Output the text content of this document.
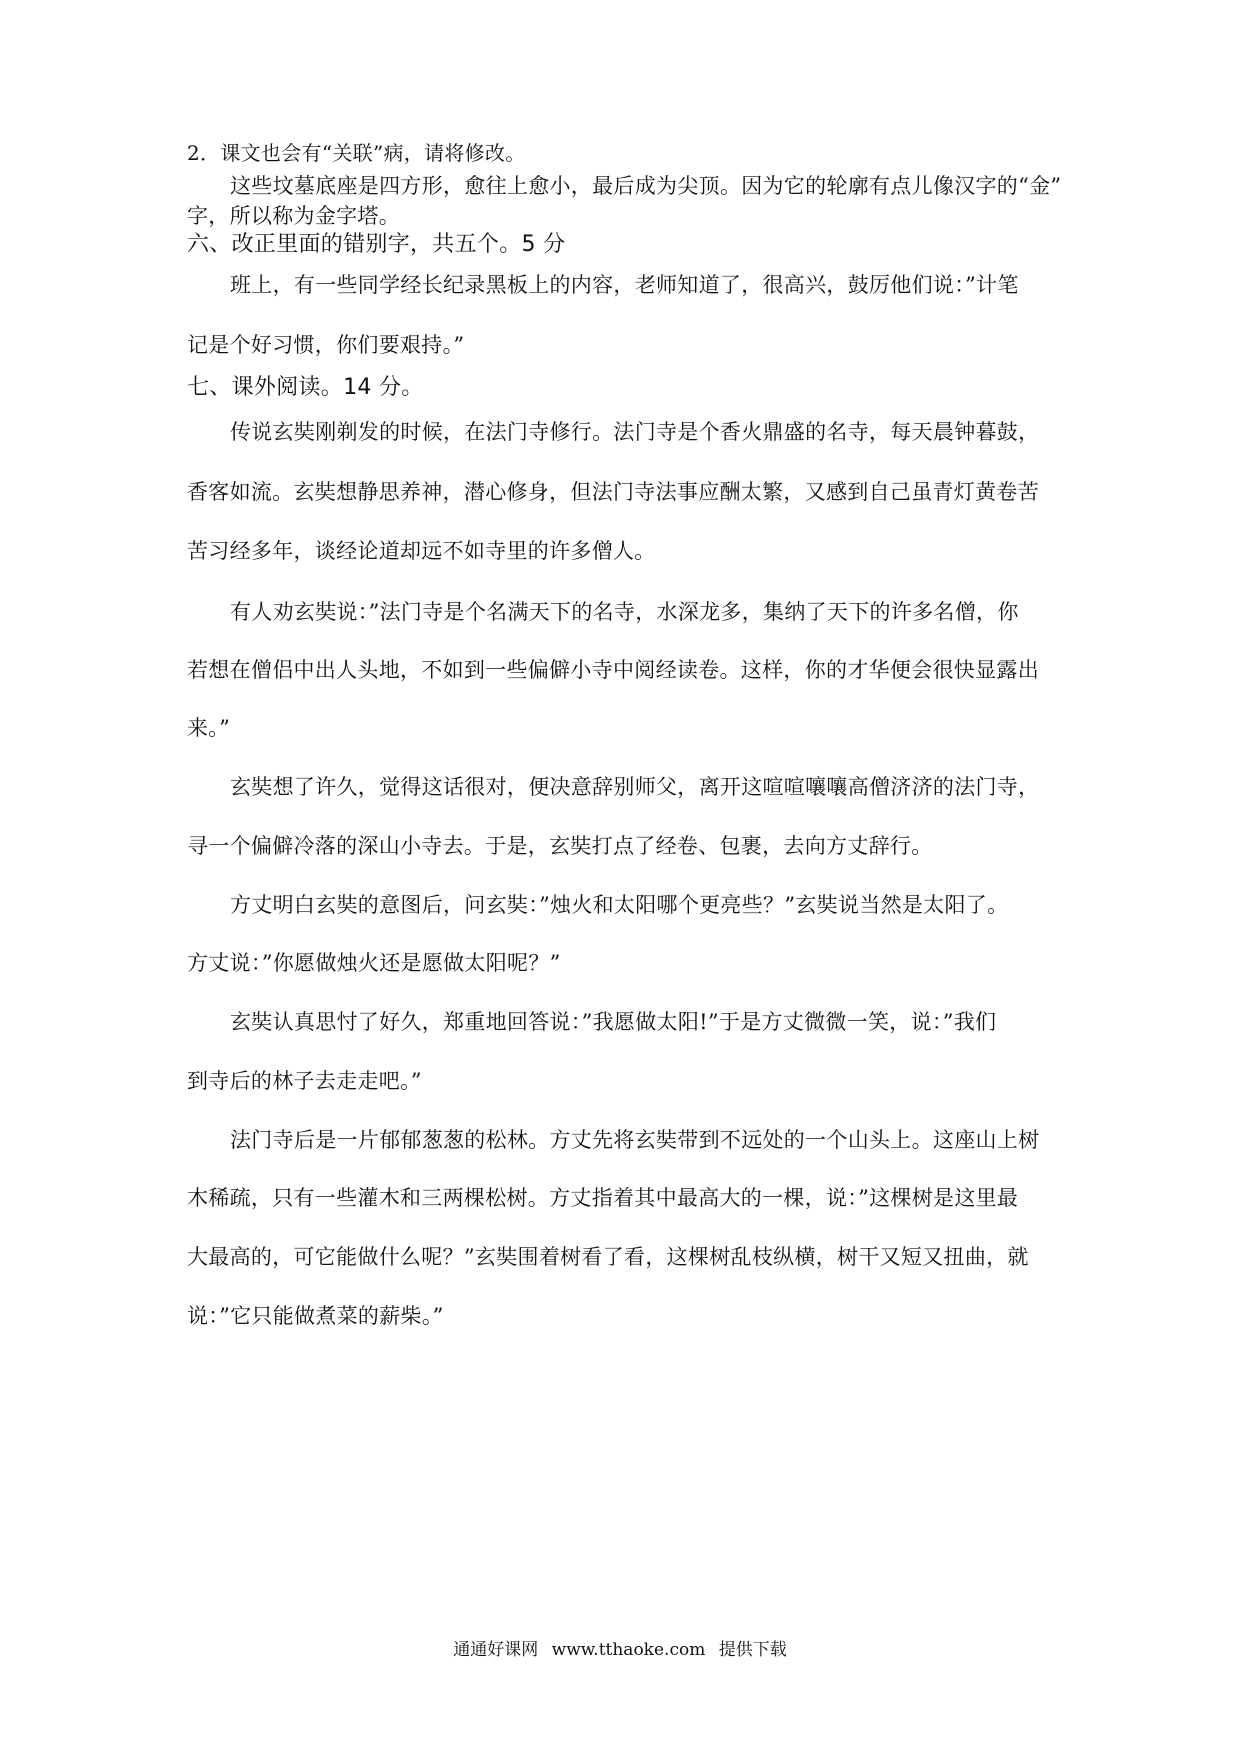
2．课文也会有“关联”病，请将修改。
这些坟墓底座是四方形，愈往上愈小，最后成为尖顶。因为它的轮廓有点儿像汉字的“金”
字，所以称为金字塔。
六、改正里面的错别字，共五个。5 分
班上，有一些同学经长纪录黑板上的内容，老师知道了，很高兴，鼓厉他们说：”计笔
记是个好习惯，你们要艰持。”
七、课外阅读。14 分。
传说玄奘刚剃发的时候，在法门寺修行。法门寺是个香火鼎盛的名寺，每天晨钟暮鼓，
香客如流。玄奘想静思养神，潜心修身，但法门寺法事应酬太繁，又感到自己虽青灯黄卷苦
苦习经多年，谈经论道却远不如寺里的许多僧人。
有人劝玄奘说：”法门寺是个名满天下的名寺，水深龙多，集纳了天下的许多名僧，你
若想在僧侣中出人头地，不如到一些偏僻小寺中阅经读卷。这样，你的才华便会很快显露出
来。”
玄奘想了许久，觉得这话很对，便决意辞别师父，离开这喧喧嚷嚷高僧济济的法门寺，
寻一个偏僻冷落的深山小寺去。于是，玄奘打点了经卷、包裹，去向方丈辞行。
方丈明白玄奘的意图后，问玄奘：”烛火和太阳哪个更亮些？”玄奘说当然是太阳了。
方丈说：”你愿做烛火还是愿做太阳呢？”
玄奘认真思忖了好久，郑重地回答说：”我愿做太阳!”于是方丈微微一笑，说：”我们
到寺后的林子去走走吧。”
法门寺后是一片郁郁葱葱的松林。方丈先将玄奘带到不远处的一个山头上。这座山上树
木稀疏，只有一些灌木和三两棵松树。方丈指着其中最高大的一棵，说：”这棵树是这里最
大最高的，可它能做什么呢？”玄奘围着树看了看，这棵树乱枝纵横，树干又短又扭曲，就
说：”它只能做煮菜的薪柴。”
通通好课网 www.tthaoke.com 提供下载
